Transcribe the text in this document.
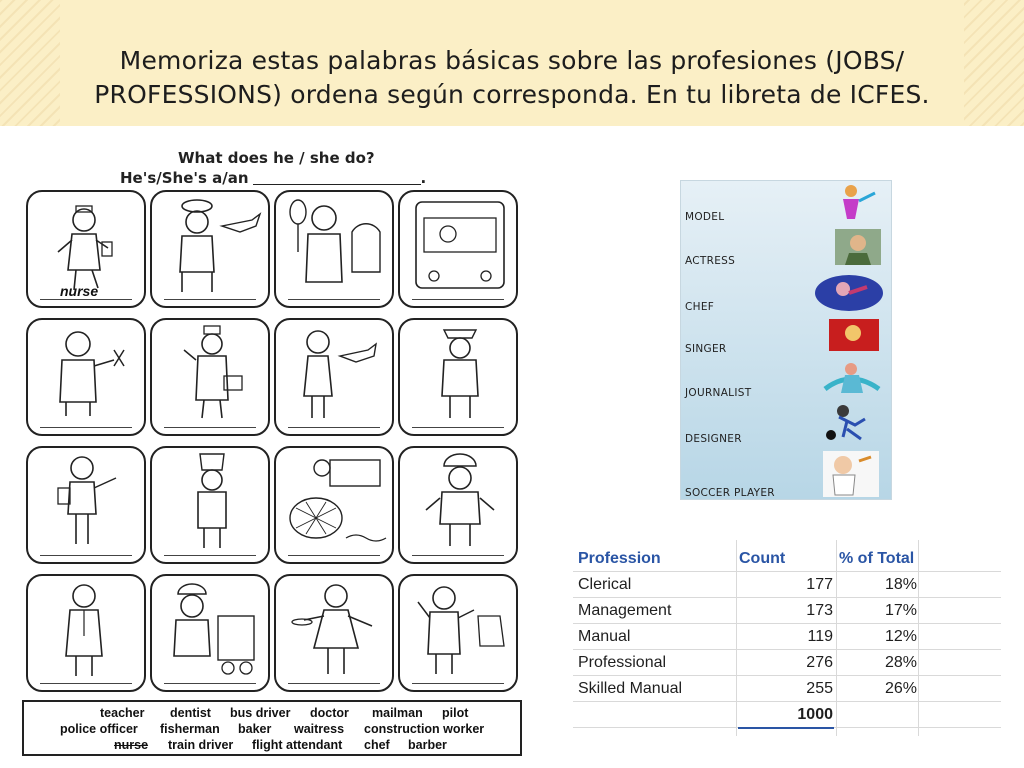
Memoriza estas palabras básicas sobre las profesiones (JOBS/
PROFESSIONS) ordena según corresponda. En tu libreta de ICFES.
What does he / she do?
He's/She's a/an	.
nurse
teacher dentist bus driver doctor mailman pilot
police officer fisherman baker waitress construction worker
nurse train driver flight attendant chef barber
MODEL
ACTRESS
CHEF
SINGER
JOURNALIST
DESIGNER
SOCCER PLAYER
Profession	Count	% of Total
Clerical	177	18%
Management	173	17%
Manual	119	12%
Professional	276	28%
Skilled Manual	255	26%
1000
